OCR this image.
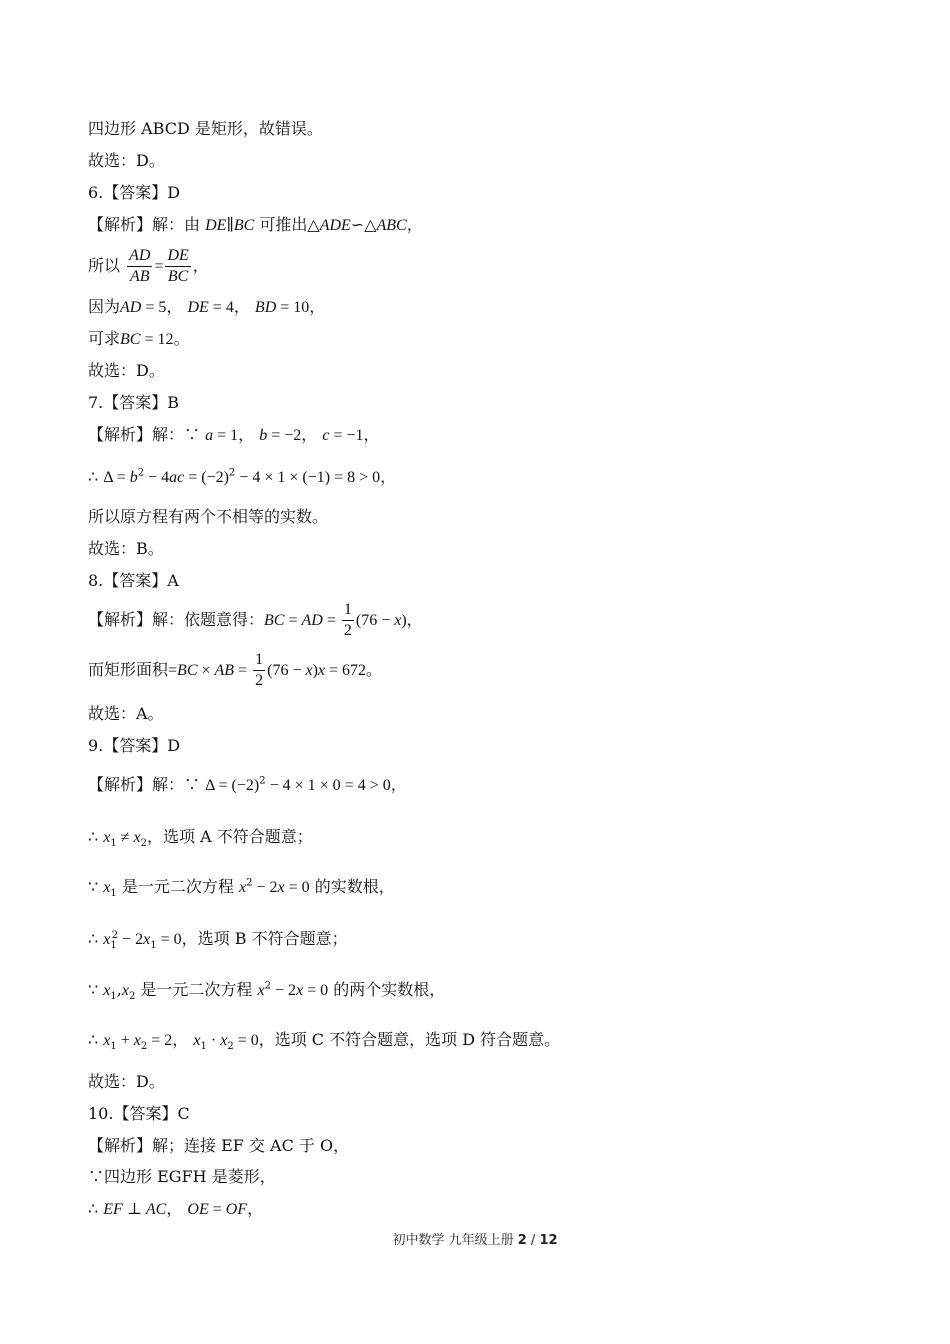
四边形 ABCD 是矩形，故错误。
故选：D。
6.【答案】D
【解析】解：由 DE∥BC 可推出△ADE∽△ABC，
所以 $\frac{AD}{AB} = \frac{DE}{BC}$ ，
因为AD = 5， DE = 4， BD = 10，
可求BC = 12。
故选：D。
7.【答案】B
【解析】解：∵ a = 1， b = −2， c = −1，
∴ $\Delta = b^2 - 4ac = (-2)^2 - 4 \times 1 \times (-1) = 8 > 0$，
所以原方程有两个不相等的实数。
故选：B。
8.【答案】A
【解析】解：依题意得：BC = AD = $\frac{1}{2} (76 - x)$，
而矩形面积=BC × AB = $\frac{1}{2} (76 - x)x = 672$。
故选：A。
9.【答案】D
【解析】解：∵ $\Delta = (-2)^2 - 4 \times 1 \times 0 = 4 > 0$，
∴ $x_1 \ne x_2$，选项 A 不符合题意；
∵ $x_1$ 是一元二次方程 $x^2 - 2x = 0$ 的实数根，
∴ $x_1^2 - 2x_1 = 0$，选项 B 不符合题意；
∵ $x_1,x_2$ 是一元二次方程 $x^2 - 2x = 0$ 的两个实数根，
∴ $x_1 + x_2 = 2$， $x_1 \cdot x_2 = 0$，选项 C 不符合题意，选项 D 符合题意。
故选：D。
10.【答案】C
【解析】解；连接 EF 交 AC 于 O，
∵四边形 EGFH 是菱形，
∴ EF ⊥ AC， OE = OF，
初中数学 九年级上册 2 / 12
